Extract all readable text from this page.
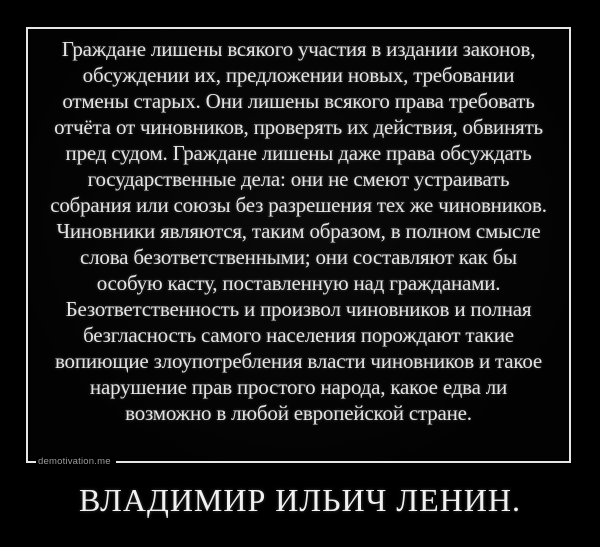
Граждане лишены всякого участия в издании законов,
обсуждении их, предложении новых, требовании
отмены старых. Они лишены всякого права требовать
отчёта от чиновников, проверять их действия, обвинять
пред судом. Граждане лишены даже права обсуждать
государственные дела: они не смеют устраивать
собрания или союзы без разрешения тех же чиновников.
Чиновники являются, таким образом, в полном смысле
слова безответственными; они составляют как бы
особую касту, поставленную над гражданами.
Безответственность и произвол чиновников и полная
безгласность самого населения порождают такие
вопиющие злоупотребления власти чиновников и такое
нарушение прав простого народа, какое едва ли
возможно в любой европейской стране.
demotivation.me
ВЛАДИМИР ИЛЬИЧ ЛЕНИН.
